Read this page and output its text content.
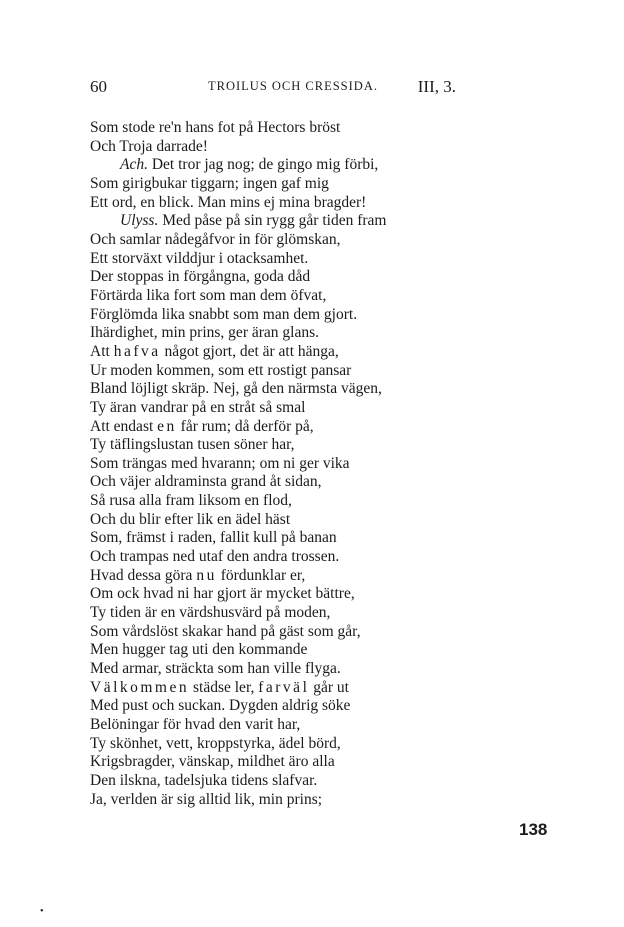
60	TROILUS OCH CRESSIDA. III, 3.
Som stode re'n hans fot på Hectors bröst
Och Troja darrade!
Ach. Det tror jag nog; de gingo mig förbi,
Som girigbukar tiggarn; ingen gaf mig
Ett ord, en blick. Man mins ej mina bragder!
Ulyss. Med påse på sin rygg går tiden fram
Och samlar nådegåfvor in för glömskan,
Ett storväxt vilddjur i otacksamhet.
Der stoppas in förgångna, goda dåd
Förtärda lika fort som man dem öfvat,
Förglömda lika snabbt som man dem gjort.
Ihärdighet, min prins, ger äran glans.
Att hafva något gjort, det är att hänga,
Ur moden kommen, som ett rostigt pansar
Bland löjligt skräp. Nej, gå den närmsta vägen,
Ty äran vandrar på en stråt så smal
Att endast en får rum; då derför på,
Ty täflingslustan tusen söner har,
Som trängas med hvarann; om ni ger vika
Och väjer aldraminsta grand åt sidan,
Så rusa alla fram liksom en flod,
Och du blir efter lik en ädel häst
Som, främst i raden, fallit kull på banan
Och trampas ned utaf den andra trossen.
Hvad dessa göra nu fördunklar er,
Om ock hvad ni har gjort är mycket bättre,
Ty tiden är en värdshusvärd på moden,
Som vårdslöst skakar hand på gäst som går,
Men hugger tag uti den kommande
Med armar, sträckta som han ville flyga.
Välkommen städse ler, farväl går ut
Med pust och suckan. Dygden aldrig söke
Belöningar för hvad den varit har,
Ty skönhet, vett, kroppstyrka, ädel börd,
Krigsbragder, vänskap, mildhet äro alla
Den ilskna, tadelsjuka tidens slafvar.
Ja, verlden är sig alltid lik, min prins;
138
•
